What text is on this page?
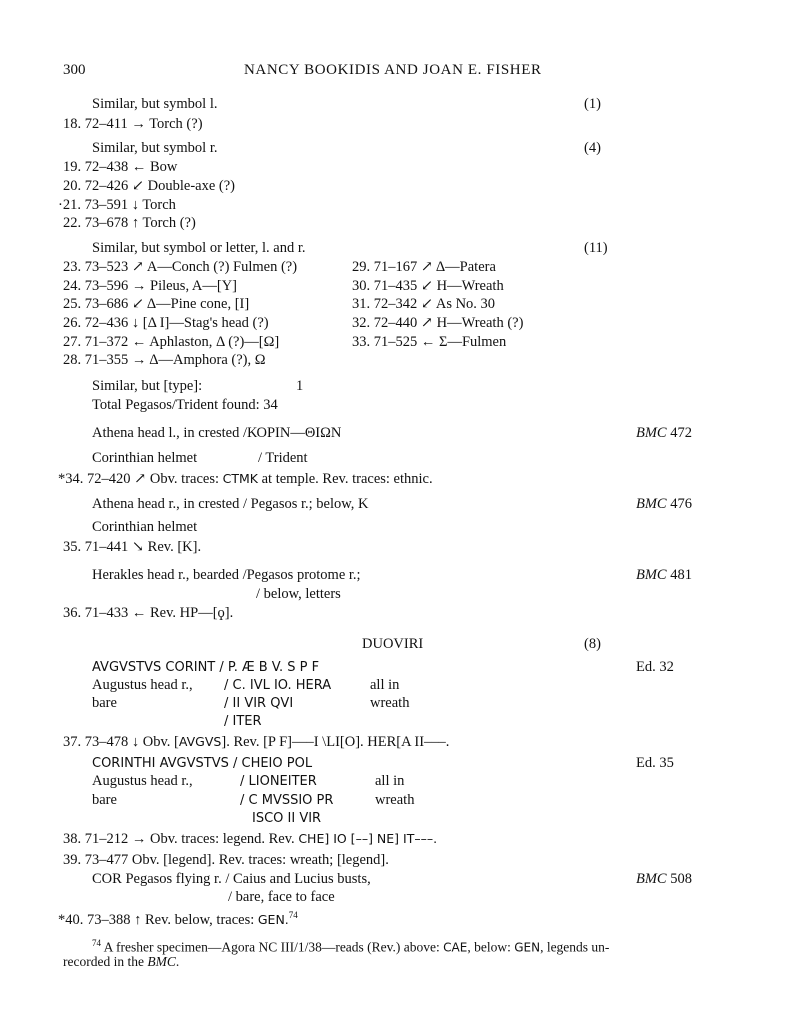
300	NANCY BOOKIDIS AND JOAN E. FISHER
Similar, but symbol l.	(1)
18. 72–411 → Torch (?)
Similar, but symbol r.	(4)
19. 72–438 ← Bow
20. 72–426 ↙ Double-axe (?)
·21. 73–591 ↓ Torch
22. 73–678 ↑ Torch (?)
Similar, but symbol or letter, l. and r.	(11)
23. 73–523 ↗ A—Conch (?) Fulmen (?)	29. 71–167 ↗ Δ—Patera
24. 73–596 → Pileus, A—[Y]	30. 71–435 ↙ H—Wreath
25. 73–686 ↙ Δ—Pine cone, [I]	31. 72–342 ↙ As No. 30
26. 72–436 ↓ [Δ I]—Stag's head (?)	32. 72–440 ↗ H—Wreath (?)
27. 71–372 ← Aphlaston, Δ (?)—[Ω]	33. 71–525 ← Σ—Fulmen
28. 71–355 → Δ—Amphora (?), Ω
Similar, but [type]:	1
Total Pegasos/Trident found: 34
Athena head l., in crested /ΚΟΡΙΝ—ΘΙΩΝ	BMC 472
Corinthian helmet	/ Trident
*34. 72–420 ↗ Obv. traces: CTMK at temple. Rev. traces: ethnic.
Athena head r., in crested / Pegasos r.; below, K	BMC 476
Corinthian helmet
35. 71–441 ↘ Rev. [K].
Herakles head r., bearded /Pegasos protome r.;	BMC 481
/ below, letters
36. 71–433 ← Rev. ΗΡ—[ϙ].
DUOVIRI	(8)
AVGVSTVS CORINT / P. Æ B V. S P F	Ed. 32
Augustus head r., / C. IVL IO. HERA	all in
bare	/ II VIR QVI	wreath
/ ITER
37. 73–478 ↓ Obv. [AVGVS]. Rev. [P F]–––I \LI[O]. HER[A II–––.
CORINTHI AVGVSTVS / CHEIO POL	Ed. 35
Augustus head r.,	/ LIONEITER	all in
bare	/ C MVSSIO PR	wreath
ISCO II VIR
38. 71–212 → Obv. traces: legend. Rev. CHE] IO [––] NE] IT–––.
39. 73–477 Obv. [legend]. Rev. traces: wreath; [legend].
COR Pegasos flying r. / Caius and Lucius busts,	BMC 508
/ bare, face to face
*40. 73–388 ↑ Rev. below, traces: GEN.$^{74}$
$^{74}$ A fresher specimen—Agora NC III/1/38—reads (Rev.) above: CAE, below: GEN, legends un-
recorded in the BMC.
